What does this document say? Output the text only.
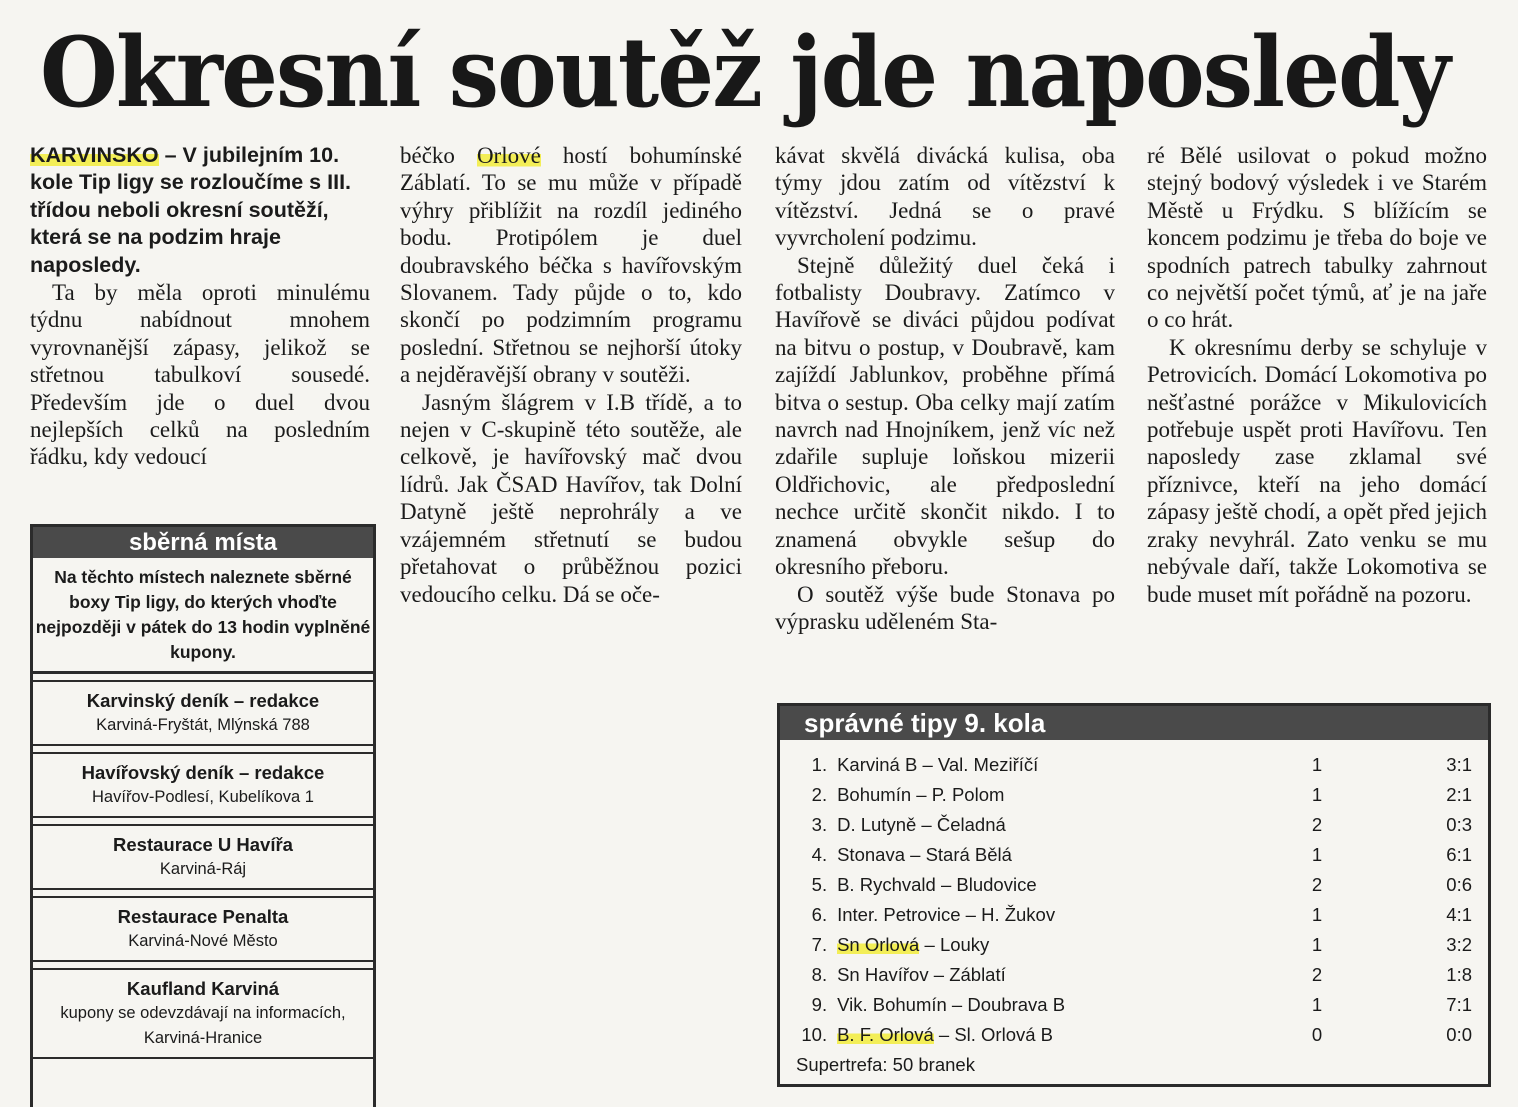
Okresní soutěž jde naposledy
KARVINSKO – V jubilejním 10. kole Tip ligy se rozloučíme s III. třídou neboli okresní soutěží, která se na podzim hraje naposledy.

Ta by měla oproti minulému týdnu nabídnout mnohem vyrovnanější zápasy, jelikož se střetnou tabulkoví sousedé. Především jde o duel dvou nejlepších celků na posledním řádku, kdy vedoucí

béčko Orlové hostí bohumínské Záblatí. To se mu může v případě výhry přiblížit na rozdíl jediného bodu. Protipólem je duel doubravského béčka s havířovským Slovanem. Tady půjde o to, kdo skončí po podzimním programu poslední. Střetnou se nejhorší útoky a nejděravější obrany v soutěži.

Jasným šlágrem v I.B třídě, a to nejen v C-skupině této soutěže, ale celkově, je havířovský mač dvou lídrů. Jak ČSAD Havířov, tak Dolní Datyně ještě neprohrály a ve vzájemném střetnutí se budou přetahovat o průběžnou pozici vedoucího celku. Dá se oče-

kávat skvělá divácká kulisa, oba týmy jdou zatím od vítězství k vítězství. Jedná se o pravé vyvrcholení podzimu.

Stejně důležitý duel čeká i fotbalisty Doubravy. Zatímco v Havířově se diváci půjdou podívat na bitvu o postup, v Doubravě, kam zajíždí Jablunkov, proběhne přímá bitva o sestup. Oba celky mají zatím navrch nad Hnojníkem, jenž víc než zdařile supluje loňskou mizerii Oldřichovic, ale předposlední nechce určitě skončit nikdo. I to znamená obvykle sešup do okresního přeboru.

O soutěž výše bude Stonava po výprasku uděleném Sta-

ré Bělé usilovat o pokud možno stejný bodový výsledek i ve Starém Městě u Frýdku. S blížícím se koncem podzimu je třeba do boje ve spodních patrech tabulky zahrnout co největší počet týmů, ať je na jaře o co hrát.

K okresnímu derby se schyluje v Petrovicích. Domácí Lokomotiva po nešťastné porážce v Mikulovicích potřebuje uspět proti Havířovu. Ten naposledy zase zklamal své příznivce, kteří na jeho domácí zápasy ještě chodí, a opět před jejich zraky nevyhrál. Zato venku se mu nebývale daří, takže Lokomotiva se bude muset mít pořádně na pozoru.

sběrná místa
Na těchto místech naleznete sběrné boxy Tip ligy, do kterých vhoďte nejpozději v pátek do 13 hodin vyplněné kupony.
Karvinský deník – redakce
Karviná-Fryštát, Mlýnská 788
Havířovský deník – redakce
Havířov-Podlesí, Kubelíkova 1
Restaurace U Havířa
Karviná-Ráj
Restaurace Penalta
Karviná-Nové Město
Kaufland Karviná
kupony se odevzdávají na informacích, Karviná-Hranice
správné tipy 9. kola
1.	Karviná B – Val. Meziříčí	1	3:1
2.	Bohumín – P. Polom	1	2:1
3.	D. Lutyně – Čeladná	2	0:3
4.	Stonava – Stará Bělá	1	6:1
5.	B. Rychvald – Bludovice	2	0:6
6.	Inter. Petrovice – H. Žukov	1	4:1
7.	Sn Orlová – Louky	1	3:2
8.	Sn Havířov – Záblatí	2	1:8
9.	Vik. Bohumín – Doubrava B	1	7:1
10.	B. F. Orlová – Sl. Orlová B	0	0:0
Supertrefa: 50 branek
